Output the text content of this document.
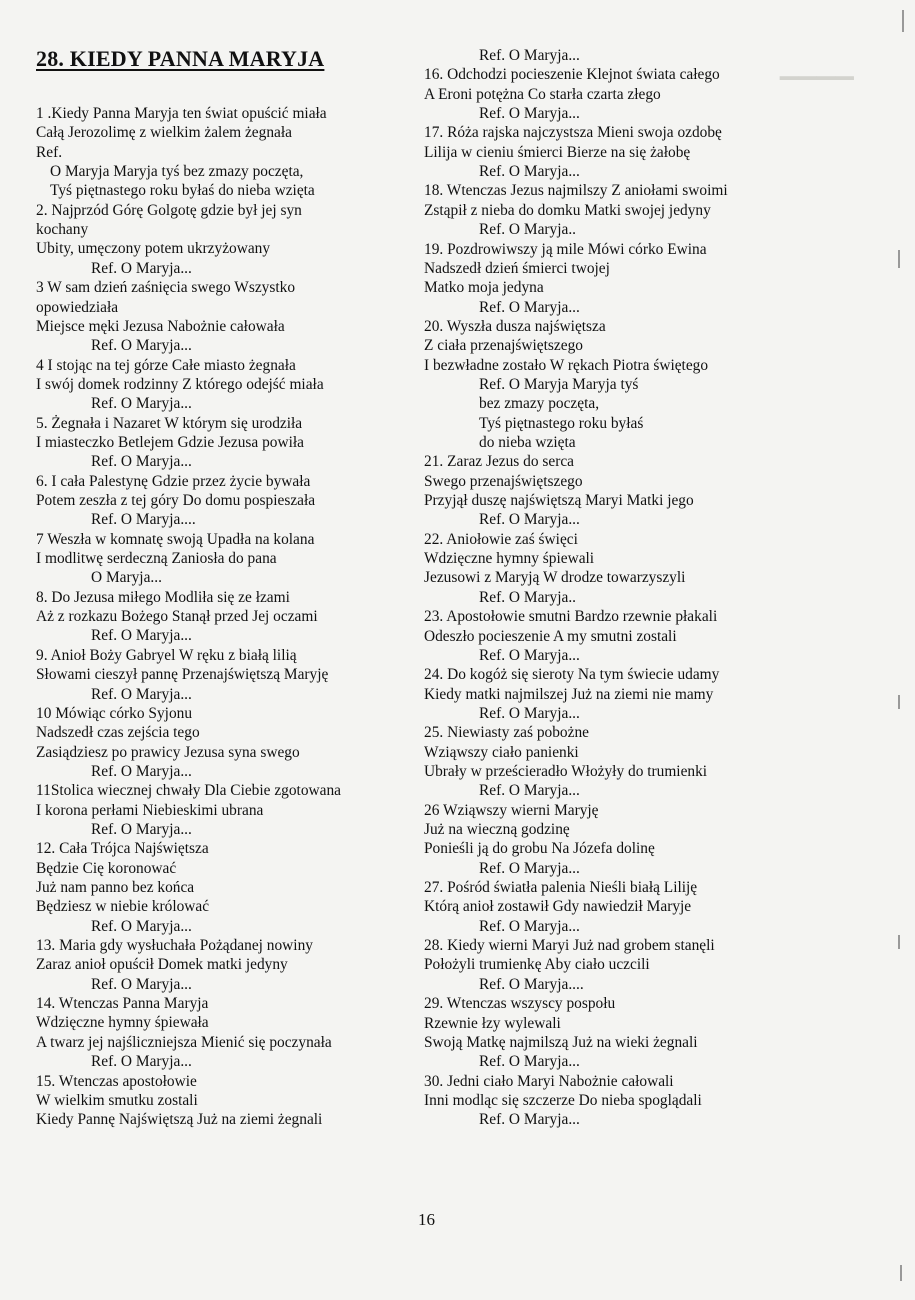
▁▁▁▁
28. KIEDY PANNA MARYJA
1 .Kiedy Panna Maryja ten świat opuścić miała
Całą Jerozolimę z wielkim żalem żegnała
Ref.
O Maryja Maryja tyś bez zmazy poczęta,
Tyś piętnastego roku byłaś do nieba wzięta
2. Najprzód Górę Golgotę gdzie był jej syn
kochany
Ubity, umęczony potem ukrzyżowany
Ref. O Maryja...
3 W sam dzień zaśnięcia swego Wszystko
opowiedziała
Miejsce męki Jezusa Nabożnie całowała
Ref. O Maryja...
4 I stojąc na tej górze Całe miasto żegnała
I swój domek rodzinny Z którego odejść miała
Ref. O Maryja...
5. Żegnała i Nazaret W którym się urodziła
I miasteczko Betlejem Gdzie Jezusa powiła
Ref. O Maryja...
6. I cała Palestynę Gdzie przez życie bywała
Potem zeszła z tej góry Do domu pospieszała
Ref. O Maryja....
7 Weszła w komnatę swoją Upadła na kolana
I modlitwę serdeczną Zaniosła do pana
O Maryja...
8. Do Jezusa miłego Modliła się ze łzami
Aż z rozkazu Bożego Stanął przed Jej oczami
Ref. O Maryja...
9. Anioł Boży Gabryel W ręku z białą lilią
Słowami cieszył pannę Przenajświętszą Maryję
Ref. O Maryja...
10 Mówiąc córko Syjonu
Nadszedł czas zejścia tego
Zasiądziesz po prawicy Jezusa syna swego
Ref. O Maryja...
11Stolica wiecznej chwały Dla Ciebie zgotowana
I korona perłami Niebieskimi ubrana
Ref. O Maryja...
12. Cała Trójca Najświętsza
Będzie Cię koronować
Już nam panno bez końca
Będziesz w niebie królować
Ref. O Maryja...
13. Maria gdy wysłuchała Pożądanej nowiny
Zaraz anioł opuścił Domek matki jedyny
Ref. O Maryja...
14. Wtenczas Panna Maryja
Wdzięczne hymny śpiewała
A twarz jej najśliczniejsza Mienić się poczynała
Ref. O Maryja...
15. Wtenczas apostołowie
W wielkim smutku zostali
Kiedy Pannę Najświętszą Już na ziemi żegnali
Ref. O Maryja...
16. Odchodzi pocieszenie Klejnot świata całego
A Eroni potężna Co starła czarta złego
Ref. O Maryja...
17. Róża rajska najczystsza Mieni swoja ozdobę
Lilija w cieniu śmierci Bierze na się żałobę
Ref. O Maryja...
18. Wtenczas Jezus najmilszy Z aniołami swoimi
Zstąpił z nieba do domku Matki swojej jedyny
Ref. O Maryja..
19. Pozdrowiwszy ją mile Mówi córko Ewina
Nadszedł dzień śmierci twojej
Matko moja jedyna
Ref. O Maryja...
20. Wyszła dusza najświętsza
Z ciała przenajświętszego
I bezwładne zostało W rękach Piotra świętego
Ref. O Maryja Maryja tyś
bez zmazy poczęta,
Tyś piętnastego roku byłaś
do nieba wzięta
21. Zaraz Jezus do serca
Swego przenajświętszego
Przyjął duszę najświętszą Maryi Matki jego
Ref. O Maryja...
22. Aniołowie zaś święci
Wdzięczne hymny śpiewali
Jezusowi z Maryją W drodze towarzyszyli
Ref. O Maryja..
23. Apostołowie smutni Bardzo rzewnie płakali
Odeszło pocieszenie A my smutni zostali
Ref. O Maryja...
24. Do kogóż się sieroty Na tym świecie udamy
Kiedy matki najmilszej Już na ziemi nie mamy
Ref. O Maryja...
25. Niewiasty zaś pobożne
Wziąwszy ciało panienki
Ubrały w prześcieradło Włożyły do trumienki
Ref. O Maryja...
26 Wziąwszy wierni Maryję
Już na wieczną godzinę
Ponieśli ją do grobu Na Józefa dolinę
Ref. O Maryja...
27. Pośród światła palenia Nieśli białą Liliję
Którą anioł zostawił Gdy nawiedził Maryje
Ref. O Maryja...
28. Kiedy wierni Maryi Już nad grobem stanęli
Położyli trumienkę Aby ciało uczcili
Ref. O Maryja....
29. Wtenczas wszyscy pospołu
Rzewnie łzy wylewali
Swoją Matkę najmilszą Już na wieki żegnali
Ref. O Maryja...
30. Jedni ciało Maryi Nabożnie całowali
Inni modląc się szczerze Do nieba spoglądali
Ref. O Maryja...
16
